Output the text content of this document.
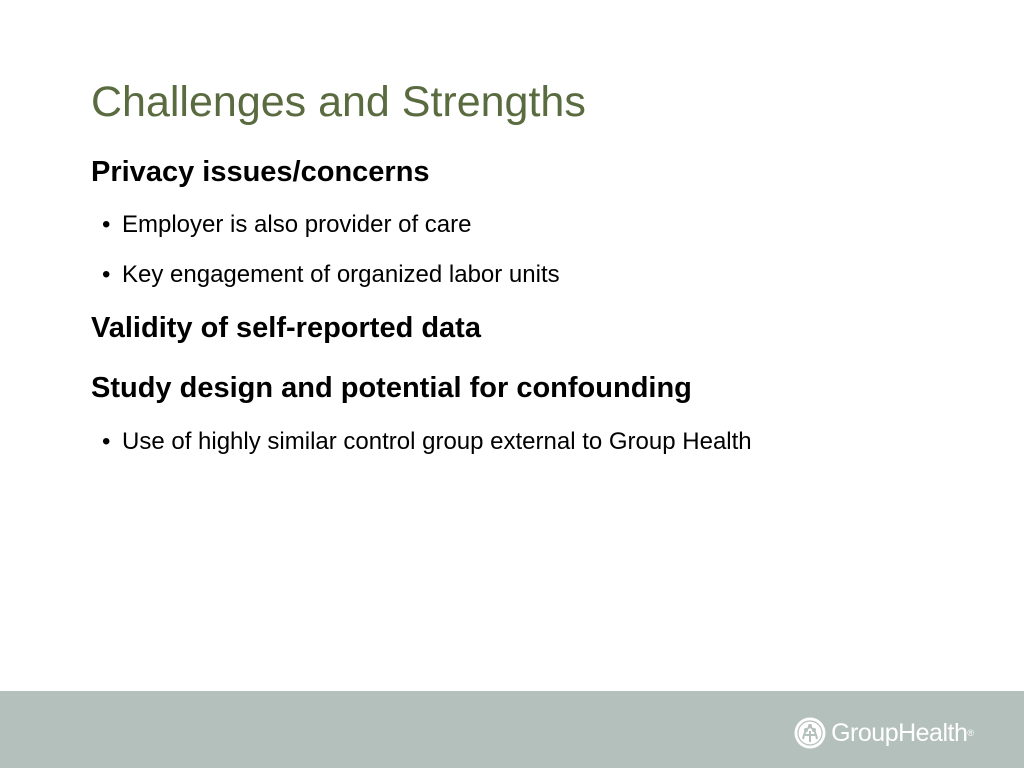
Challenges and Strengths
Privacy issues/concerns
• Employer is also provider of care
• Key engagement of organized labor units
Validity of self-reported data
Study design and potential for confounding
• Use of highly similar control group external to Group Health
GroupHealth ®
